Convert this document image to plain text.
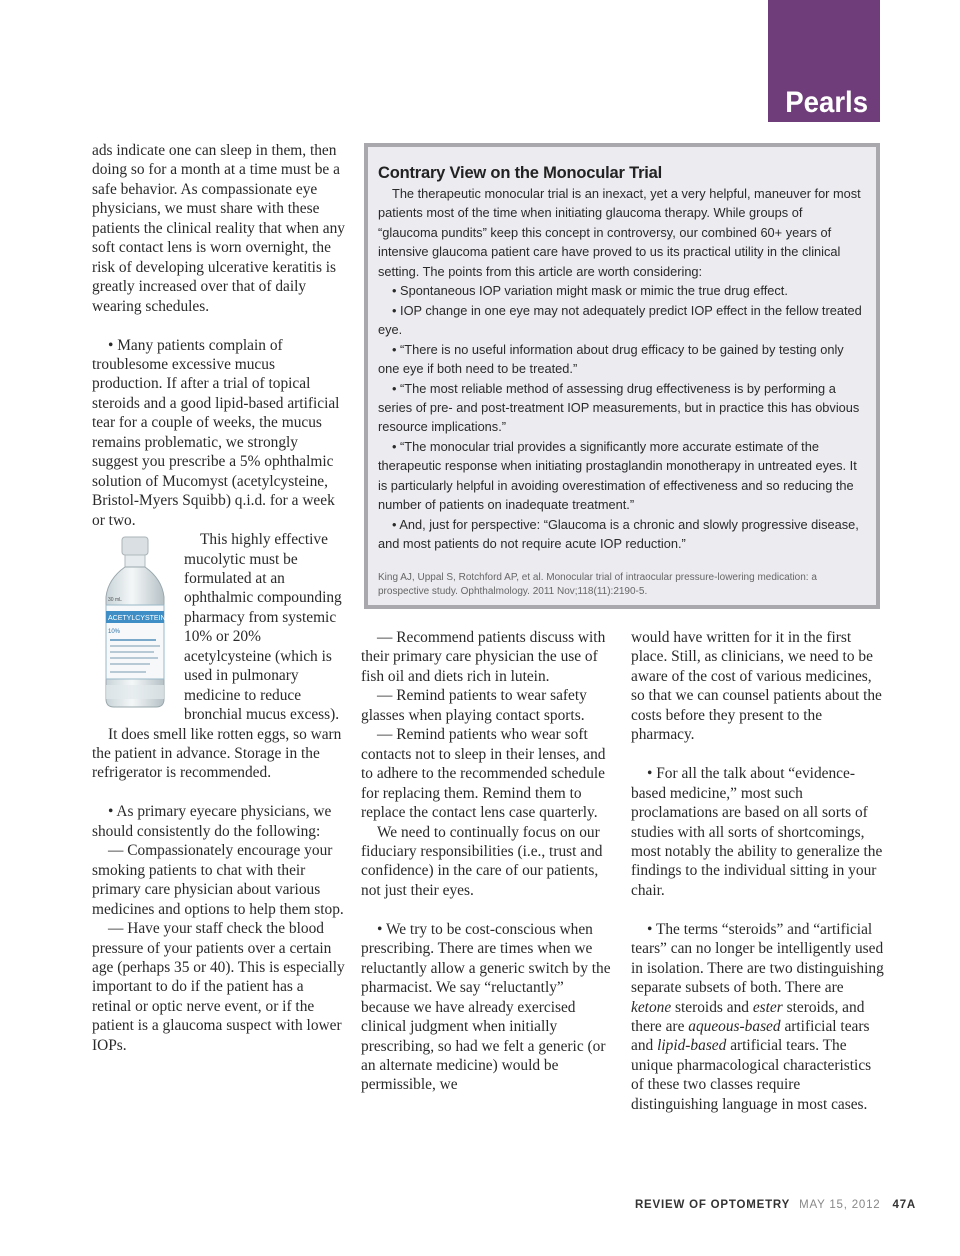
Pearls

ads indicate one can sleep in them, then doing so for a month at a time must be a safe behavior. As compassionate eye physicians, we must share with these patients the clinical reality that when any soft contact lens is worn overnight, the risk of developing ulcerative keratitis is greatly increased over that of daily wearing schedules.

• Many patients complain of troublesome excessive mucus production. If after a trial of topical steroids and a good lipid-based artificial tear for a couple of weeks, the mucus remains problematic, we strongly suggest you prescribe a 5% ophthalmic solution of Mucomyst (acetylcysteine, Bristol-Myers Squibb) q.i.d. for a week or two.

ACETYLCYSTEINE
10%
30 mL

This highly effective mucolytic must be formulated at an ophthalmic compounding pharmacy from systemic 10% or 20% acetylcysteine (which is used in pulmonary medicine to reduce bronchial mucus excess).

It does smell like rotten eggs, so warn the patient in advance. Storage in the refrigerator is recommended.

• As primary eyecare physicians, we should consistently do the following:

— Compassionately encourage your smoking patients to chat with their primary care physician about various medicines and options to help them stop.

— Have your staff check the blood pressure of your patients over a certain age (perhaps 35 or 40). This is especially important to do if the patient has a retinal or optic nerve event, or if the patient is a glaucoma suspect with lower IOPs.

Contrary View on the Monocular Trial

The therapeutic monocular trial is an inexact, yet a very helpful, maneuver for most patients most of the time when initiating glaucoma therapy. While groups of “glaucoma pundits” keep this concept in controversy, our combined 60+ years of intensive glaucoma patient care have proved to us its practical utility in the clinical setting. The points from this article are worth considering:

• Spontaneous IOP variation might mask or mimic the true drug effect.

• IOP change in one eye may not adequately predict IOP effect in the fellow treated eye.

• “There is no useful information about drug efficacy to be gained by testing only one eye if both need to be treated.”

• “The most reliable method of assessing drug effectiveness is by performing a series of pre- and post-treatment IOP measurements, but in practice this has obvious resource implications.”

• “The monocular trial provides a significantly more accurate estimate of the therapeutic response when initiating prostaglandin monotherapy in untreated eyes. It is particularly helpful in avoiding overestimation of effectiveness and so reducing the number of patients on inadequate treatment.”

• And, just for perspective: “Glaucoma is a chronic and slowly progressive disease, and most patients do not require acute IOP reduction.”

King AJ, Uppal S, Rotchford AP, et al. Monocular trial of intraocular pressure-lowering medication: a prospective study. Ophthalmology. 2011 Nov;118(11):2190-5.

— Recommend patients discuss with their primary care physician the use of fish oil and diets rich in lutein.

— Remind patients to wear safety glasses when playing contact sports.

— Remind patients who wear soft contacts not to sleep in their lenses, and to adhere to the recommended schedule for replacing them. Remind them to replace the contact lens case quarterly.

We need to continually focus on our fiduciary responsibilities (i.e., trust and confidence) in the care of our patients, not just their eyes.

• We try to be cost-conscious when prescribing. There are times when we reluctantly allow a generic switch by the pharmacist. We say “reluctantly” because we have already exercised clinical judgment when initially prescribing, so had we felt a generic (or an alternate medicine) would be permissible, we

would have written for it in the first place. Still, as clinicians, we need to be aware of the cost of various medicines, so that we can counsel patients about the costs before they present to the pharmacy.

• For all the talk about “evidence-based medicine,” most such proclamations are based on all sorts of studies with all sorts of shortcomings, most notably the ability to generalize the findings to the individual sitting in your chair.

• The terms “steroids” and “artificial tears” can no longer be intelligently used in isolation. There are two distinguishing separate subsets of both. There are ketone steroids and ester steroids, and there are aqueous-based artificial tears and lipid-based artificial tears. The unique pharmacological characteristics of these two classes require distinguishing language in most cases.

REVIEW OF OPTOMETRY MAY 15, 2012 47A
